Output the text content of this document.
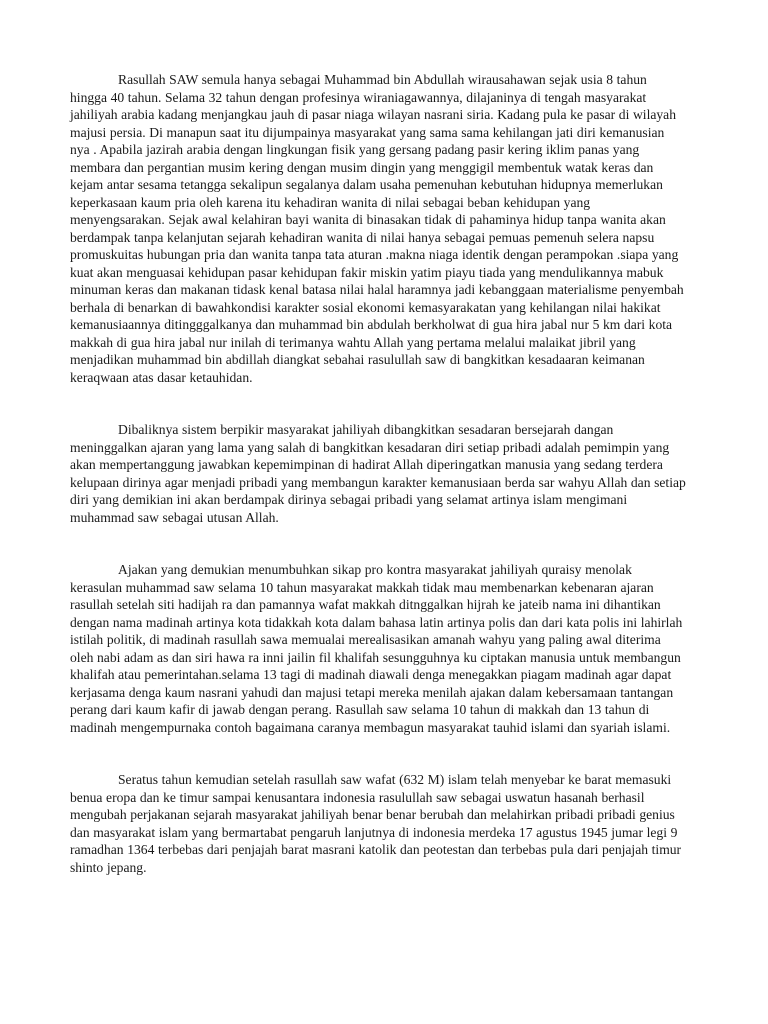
Rasullah SAW semula hanya sebagai Muhammad bin Abdullah wirausahawan sejak usia 8 tahun hingga 40 tahun. Selama 32 tahun dengan profesinya wiraniagawannya, dilajaninya di tengah masyarakat jahiliyah arabia kadang menjangkau jauh di pasar niaga wilayan nasrani siria. Kadang pula ke pasar di wilayah majusi persia. Di manapun saat itu dijumpainya masyarakat yang sama sama kehilangan jati diri kemanusian nya . Apabila jazirah arabia dengan lingkungan fisik yang gersang padang pasir kering iklim panas yang membara dan pergantian musim kering dengan musim dingin yang menggigil membentuk watak keras dan kejam antar sesama tetangga sekalipun segalanya dalam usaha pemenuhan kebutuhan hidupnya memerlukan keperkasaan kaum pria oleh karena itu kehadiran wanita di nilai sebagai beban kehidupan yang menyengsarakan. Sejak awal kelahiran bayi wanita di binasakan tidak di pahaminya hidup tanpa wanita akan berdampak tanpa kelanjutan sejarah kehadiran wanita di nilai hanya sebagai pemuas pemenuh selera napsu promuskuitas hubungan pria dan wanita tanpa tata aturan .makna niaga identik dengan perampokan .siapa yang kuat akan menguasai kehidupan pasar kehidupan fakir miskin yatim piayu tiada yang mendulikannya mabuk minuman keras dan makanan tidask kenal batasa nilai halal haramnya jadi kebanggaan materialisme penyembah berhala di benarkan di bawahkondisi karakter sosial ekonomi kemasyarakatan yang kehilangan nilai hakikat kemanusiaannya ditingggalkanya dan muhammad bin abdulah berkholwat di gua hira jabal nur 5 km dari kota makkah di gua hira jabal nur inilah di terimanya wahtu Allah yang pertama melalui malaikat jibril yang menjadikan muhammad bin abdillah diangkat sebahai rasulullah saw di bangkitkan kesadaaran keimanan keraqwaan atas dasar ketauhidan.

Dibaliknya sistem berpikir masyarakat jahiliyah dibangkitkan sesadaran bersejarah dangan meninggalkan ajaran yang lama yang salah di bangkitkan kesadaran diri setiap pribadi adalah pemimpin yang akan mempertanggung jawabkan kepemimpinan di hadirat Allah diperingatkan manusia yang sedang terdera kelupaan dirinya agar menjadi pribadi yang membangun karakter kemanusiaan berda sar wahyu Allah dan setiap diri yang demikian ini akan berdampak dirinya sebagai pribadi yang selamat artinya islam mengimani muhammad saw sebagai utusan Allah.

Ajakan yang demukian menumbuhkan sikap pro kontra masyarakat jahiliyah quraisy menolak kerasulan muhammad saw selama 10 tahun masyarakat makkah tidak mau membenarkan kebenaran ajaran rasullah setelah siti hadijah ra dan pamannya wafat makkah ditnggalkan hijrah ke jateib nama ini dihantikan dengan nama madinah artinya kota tidakkah kota dalam bahasa latin artinya polis dan dari kata polis ini lahirlah istilah politik, di madinah rasullah sawa memualai merealisasikan amanah wahyu yang paling awal diterima oleh nabi adam as dan siri hawa ra inni jailin fil khalifah sesungguhnya ku ciptakan manusia untuk membangun khalifah atau pemerintahan.selama 13 tagi di madinah diawali denga menegakkan piagam madinah agar dapat kerjasama denga kaum nasrani yahudi dan majusi tetapi mereka menilah ajakan dalam kebersamaan tantangan perang dari kaum kafir di jawab dengan perang. Rasullah saw selama 10 tahun di makkah dan 13 tahun di madinah mengempurnaka contoh bagaimana caranya membagun masyarakat tauhid islami dan syariah islami.

Seratus tahun kemudian setelah rasullah saw wafat (632 M) islam telah menyebar ke barat memasuki benua eropa dan ke timur sampai kenusantara indonesia rasulullah saw sebagai uswatun hasanah berhasil mengubah perjakanan sejarah masyarakat jahiliyah benar benar berubah dan melahirkan pribadi pribadi genius dan masyarakat islam yang bermartabat pengaruh lanjutnya di indonesia merdeka 17 agustus 1945 jumar legi 9 ramadhan 1364 terbebas dari penjajah barat masrani katolik dan peotestan dan terbebas pula dari penjajah timur shinto jepang.
